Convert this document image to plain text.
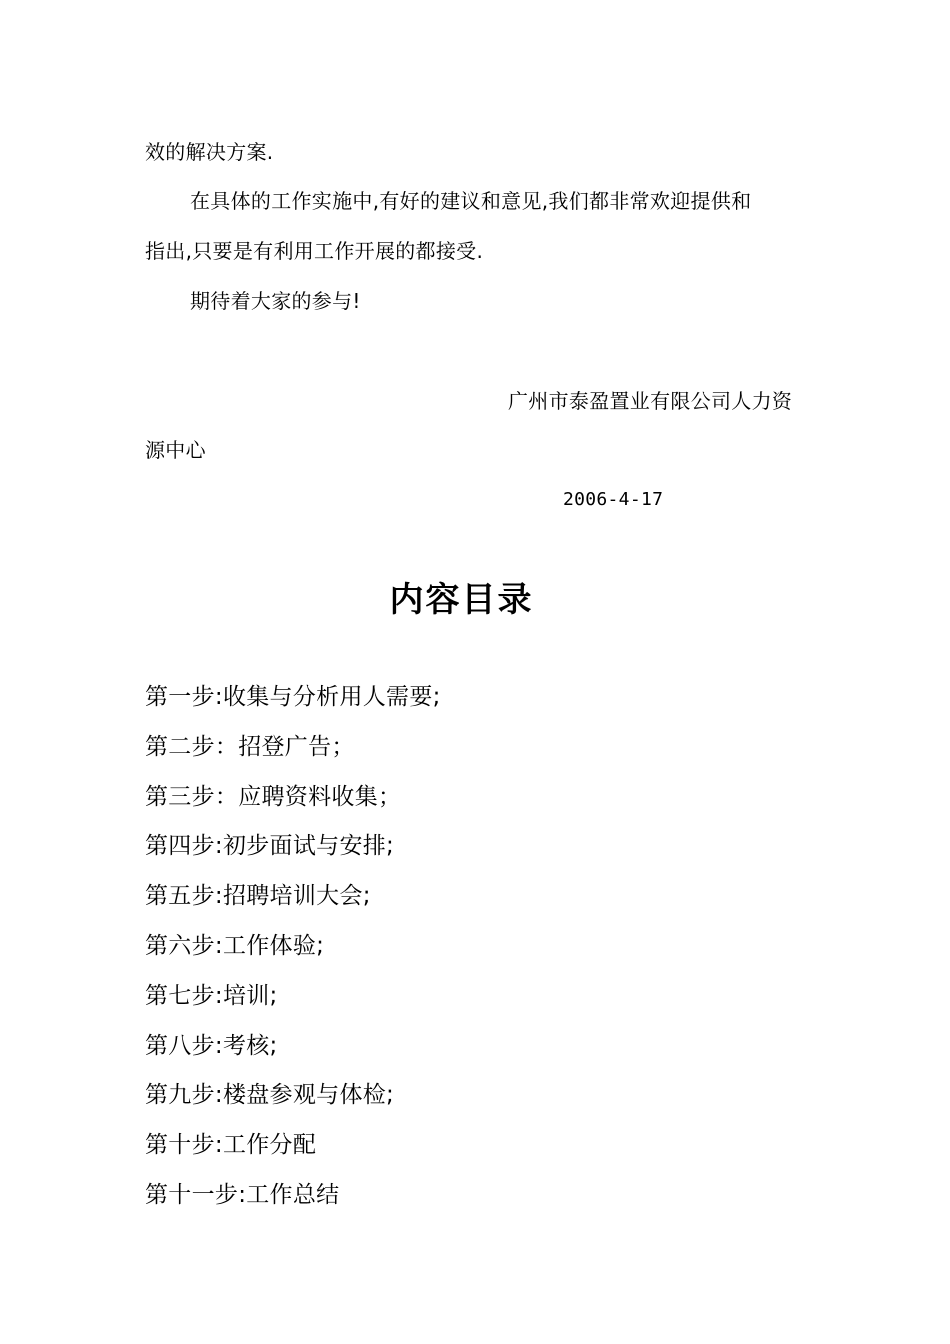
效的解决方案.
在具体的工作实施中,有好的建议和意见,我们都非常欢迎提供和
指出,只要是有利用工作开展的都接受.
期待着大家的参与!
广州市泰盈置业有限公司人力资
源中心
2006-4-17
内容目录
第一步:收集与分析用人需要;
第二步：招登广告；
第三步：应聘资料收集；
第四步:初步面试与安排;
第五步:招聘培训大会;
第六步:工作体验;
第七步:培训;
第八步:考核;
第九步:楼盘参观与体检;
第十步:工作分配
第十一步:工作总结
